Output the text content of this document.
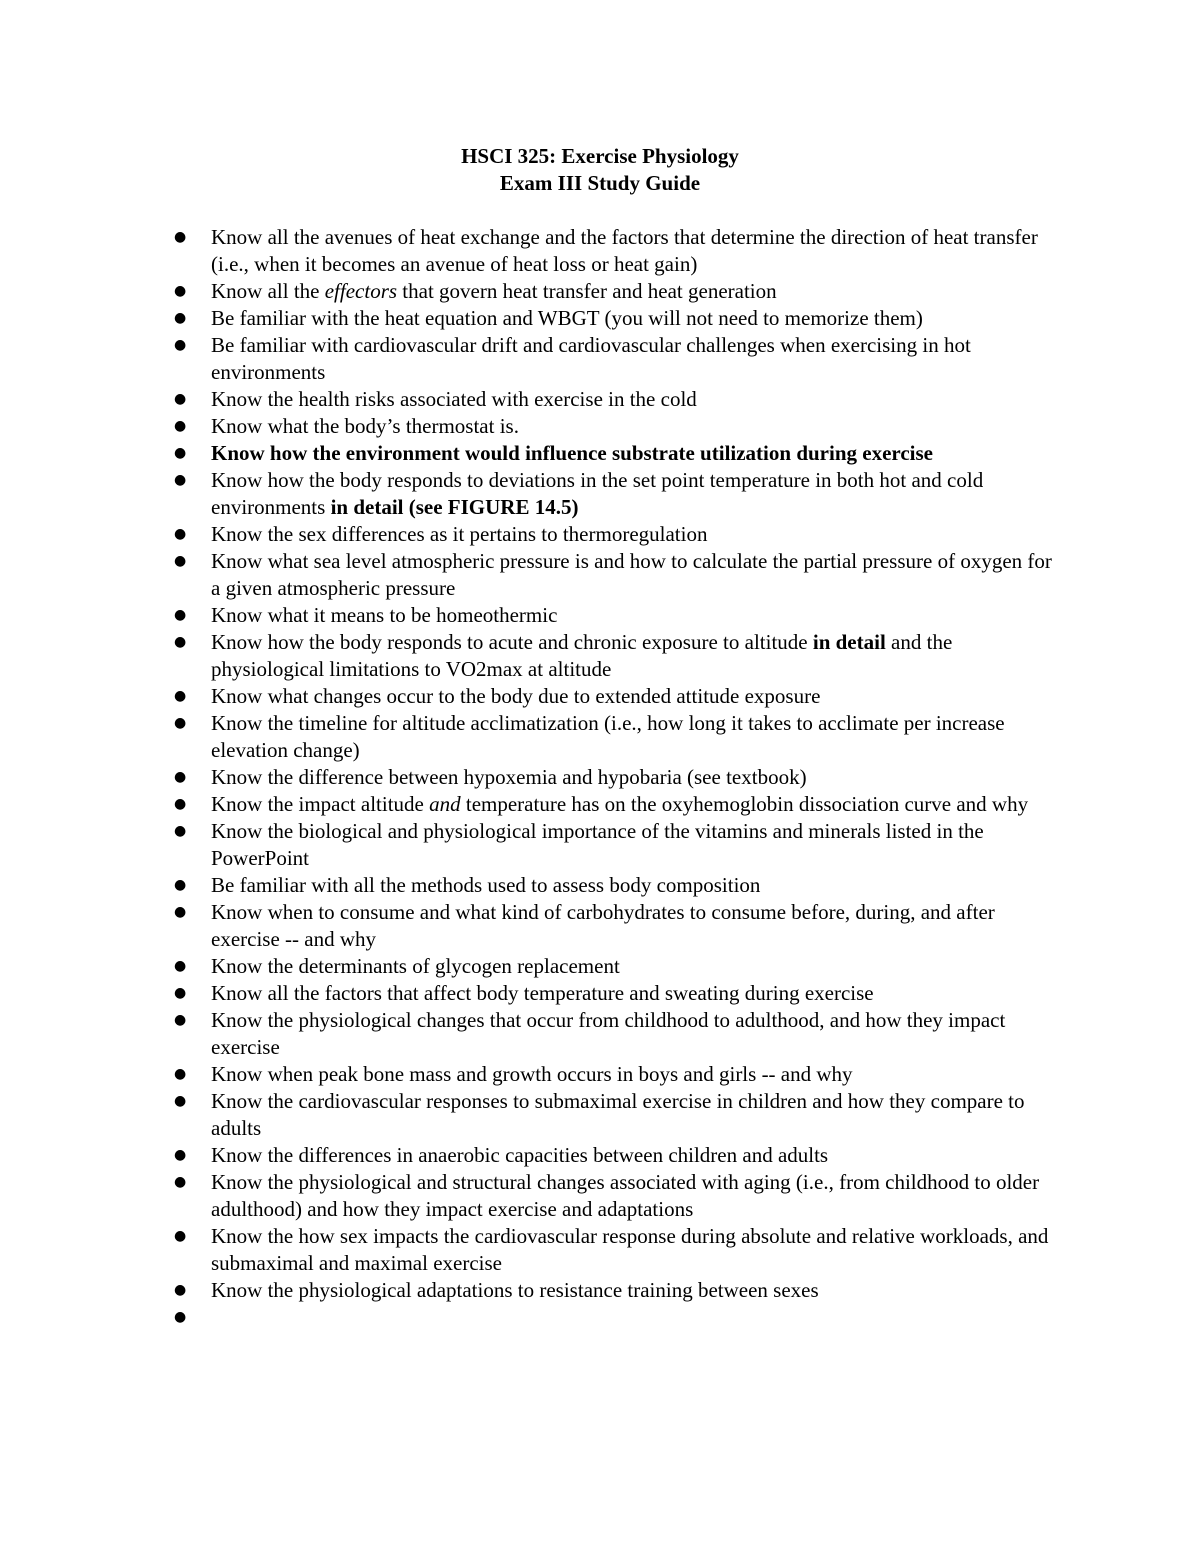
HSCI 325: Exercise Physiology
Exam III Study Guide
● Know all the avenues of heat exchange and the factors that determine the direction of heat transfer (i.e., when it becomes an avenue of heat loss or heat gain)
● Know all the effectors that govern heat transfer and heat generation
● Be familiar with the heat equation and WBGT (you will not need to memorize them)
● Be familiar with cardiovascular drift and cardiovascular challenges when exercising in hot environments
● Know the health risks associated with exercise in the cold
● Know what the body’s thermostat is.
● Know how the environment would influence substrate utilization during exercise
● Know how the body responds to deviations in the set point temperature in both hot and cold environments in detail (see FIGURE 14.5)
● Know the sex differences as it pertains to thermoregulation
● Know what sea level atmospheric pressure is and how to calculate the partial pressure of oxygen for a given atmospheric pressure
● Know what it means to be homeothermic
● Know how the body responds to acute and chronic exposure to altitude in detail and the physiological limitations to VO2max at altitude
● Know what changes occur to the body due to extended attitude exposure
● Know the timeline for altitude acclimatization (i.e., how long it takes to acclimate per increase elevation change)
● Know the difference between hypoxemia and hypobaria (see textbook)
● Know the impact altitude and temperature has on the oxyhemoglobin dissociation curve and why
● Know the biological and physiological importance of the vitamins and minerals listed in the PowerPoint
● Be familiar with all the methods used to assess body composition
● Know when to consume and what kind of carbohydrates to consume before, during, and after exercise -- and why
● Know the determinants of glycogen replacement
● Know all the factors that affect body temperature and sweating during exercise
● Know the physiological changes that occur from childhood to adulthood, and how they impact exercise
● Know when peak bone mass and growth occurs in boys and girls -- and why
● Know the cardiovascular responses to submaximal exercise in children and how they compare to adults
● Know the differences in anaerobic capacities between children and adults
● Know the physiological and structural changes associated with aging (i.e., from childhood to older adulthood) and how they impact exercise and adaptations
● Know the how sex impacts the cardiovascular response during absolute and relative workloads, and submaximal and maximal exercise
● Know the physiological adaptations to resistance training between sexes
●
